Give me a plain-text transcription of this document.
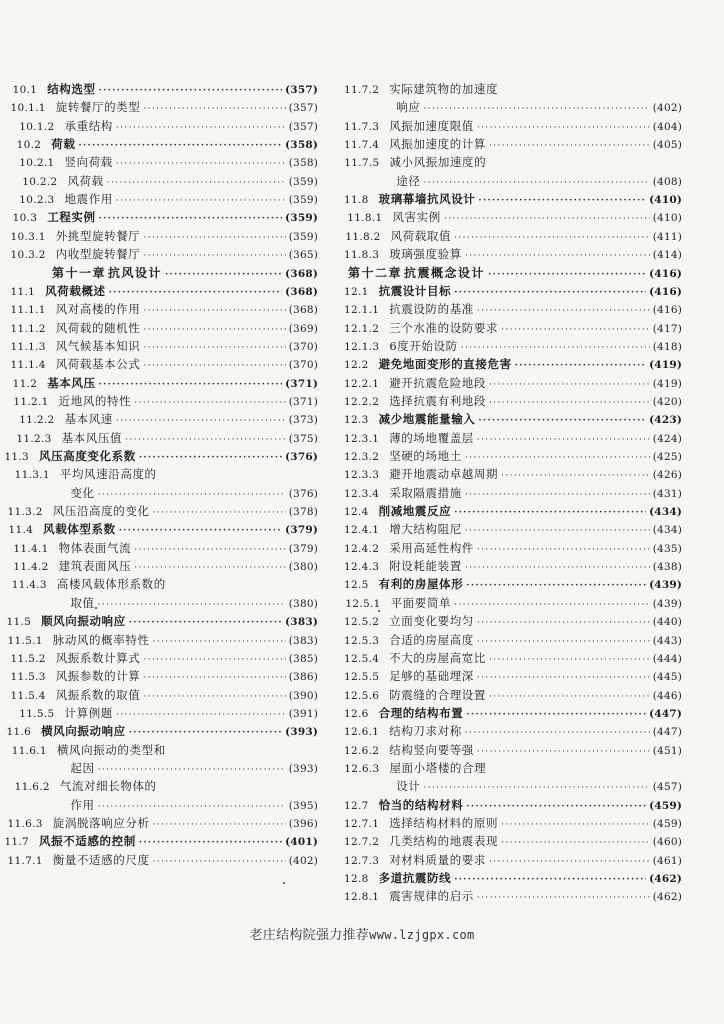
10.1 结构选型 ·····	(357)
10.1.1 旋转餐厅的类型 ·····	(357)
10.1.2 承重结构 ·····	(357)
10.2 荷载 ·····	(358)
10.2.1 竖向荷载 ·····	(358)
10.2.2 风荷载 ·····	(359)
10.2.3 地震作用 ·····	(359)
10.3 工程实例 ·····	(359)
10.3.1 外挑型旋转餐厅 ·····	(359)
10.3.2 内收型旋转餐厅 ·····	(365)
第十一章 抗风设计 ·····	(368)
11.1 风荷载概述 ·····	(368)
11.1.1 风对高楼的作用 ·····	(368)
11.1.2 风荷载的随机性 ·····	(369)
11.1.3 风气候基本知识 ·····	(370)
11.1.4 风荷载基本公式 ·····	(370)
11.2 基本风压 ·····	(371)
11.2.1 近地风的特性 ·····	(371)
11.2.2 基本风速 ·····	(373)
11.2.3 基本风压值 ·····	(375)
11.3 风压高度变化系数 ·····	(376)
11.3.1 平均风速沿高度的
变化 ·····	(376)
11.3.2 风压沿高度的变化 ·····	(378)
11.4 风载体型系数 ·····	(379)
11.4.1 物体表面气流 ·····	(379)
11.4.2 建筑表面风压 ·····	(380)
11.4.3 高楼风载体形系数的
取值 ·····	(380)
11.5 顺风向振动响应 ·····	(383)
11.5.1 脉动风的概率特性 ·····	(383)
11.5.2 风振系数计算式 ·····	(385)
11.5.3 风振参数的计算 ·····	(386)
11.5.4 风振系数的取值 ·····	(390)
11.5.5 计算例题 ·····	(391)
11.6 横风向振动响应 ·····	(393)
11.6.1 横风向振动的类型和
起因 ·····	(393)
11.6.2 气流对细长物体的
作用 ·····	(395)
11.6.3 旋涡脱落响应分析 ·····	(396)
11.7 风振不适感的控制 ·····	(401)
11.7.1 衡量不适感的尺度 ·····	(402)
11.7.2 实际建筑物的加速度
响应 ·····	(402)
11.7.3 风振加速度限值 ·····	(404)
11.7.4 风振加速度的计算 ·····	(405)
11.7.5 减小风振加速度的
途径 ·····	(408)
11.8 玻璃幕墙抗风设计 ·····	(410)
11.8.1 风害实例 ·····	(410)
11.8.2 风荷载取值 ·····	(411)
11.8.3 玻璃强度验算 ·····	(414)
第十二章 抗震概念设计 ·····	(416)
12.1 抗震设计目标 ·····	(416)
12.1.1 抗震设防的基准 ·····	(416)
12.1.2 三个水准的设防要求 ·····	(417)
12.1.3 6度开始设防 ·····	(418)
12.2 避免地面变形的直接危害 ·····	(419)
12.2.1 避开抗震危险地段 ·····	(419)
12.2.2 选择抗震有利地段 ·····	(420)
12.3 减少地震能量输入 ·····	(423)
12.3.1 薄的场地覆盖层 ·····	(424)
12.3.2 坚硬的场地土 ·····	(425)
12.3.3 避开地震动卓越周期 ·····	(426)
12.3.4 采取隔震措施 ·····	(431)
12.4 削减地震反应 ·····	(434)
12.4.1 增大结构阻尼 ·····	(434)
12.4.2 采用高延性构件 ·····	(435)
12.4.3 附设耗能装置 ·····	(438)
12.5 有利的房屋体形 ·····	(439)
12.5.1 平面要简单 ·····	(439)
12.5.2 立面变化要均匀 ·····	(440)
12.5.3 合适的房屋高度 ·····	(443)
12.5.4 不大的房屋高宽比 ·····	(444)
12.5.5 足够的基础埋深 ·····	(445)
12.5.6 防震缝的合理设置 ·····	(446)
12.6 合理的结构布置 ·····	(447)
12.6.1 结构刀求对称 ·····	(447)
12.6.2 结构竖向要等强 ·····	(451)
12.6.3 屋面小塔楼的合理
设计 ·····	(457)
12.7 恰当的结构材料 ·····	(459)
12.7.1 选择结构材料的原则 ·····	(459)
12.7.2 几类结构的地震表现 ·····	(460)
12.7.3 对材料质量的要求 ·····	(461)
12.8 多道抗震防线 ·····	(462)
12.8.1 震害规律的启示 ·····	(462)
老庄结构院强力推荐www.lzjgpx.com
